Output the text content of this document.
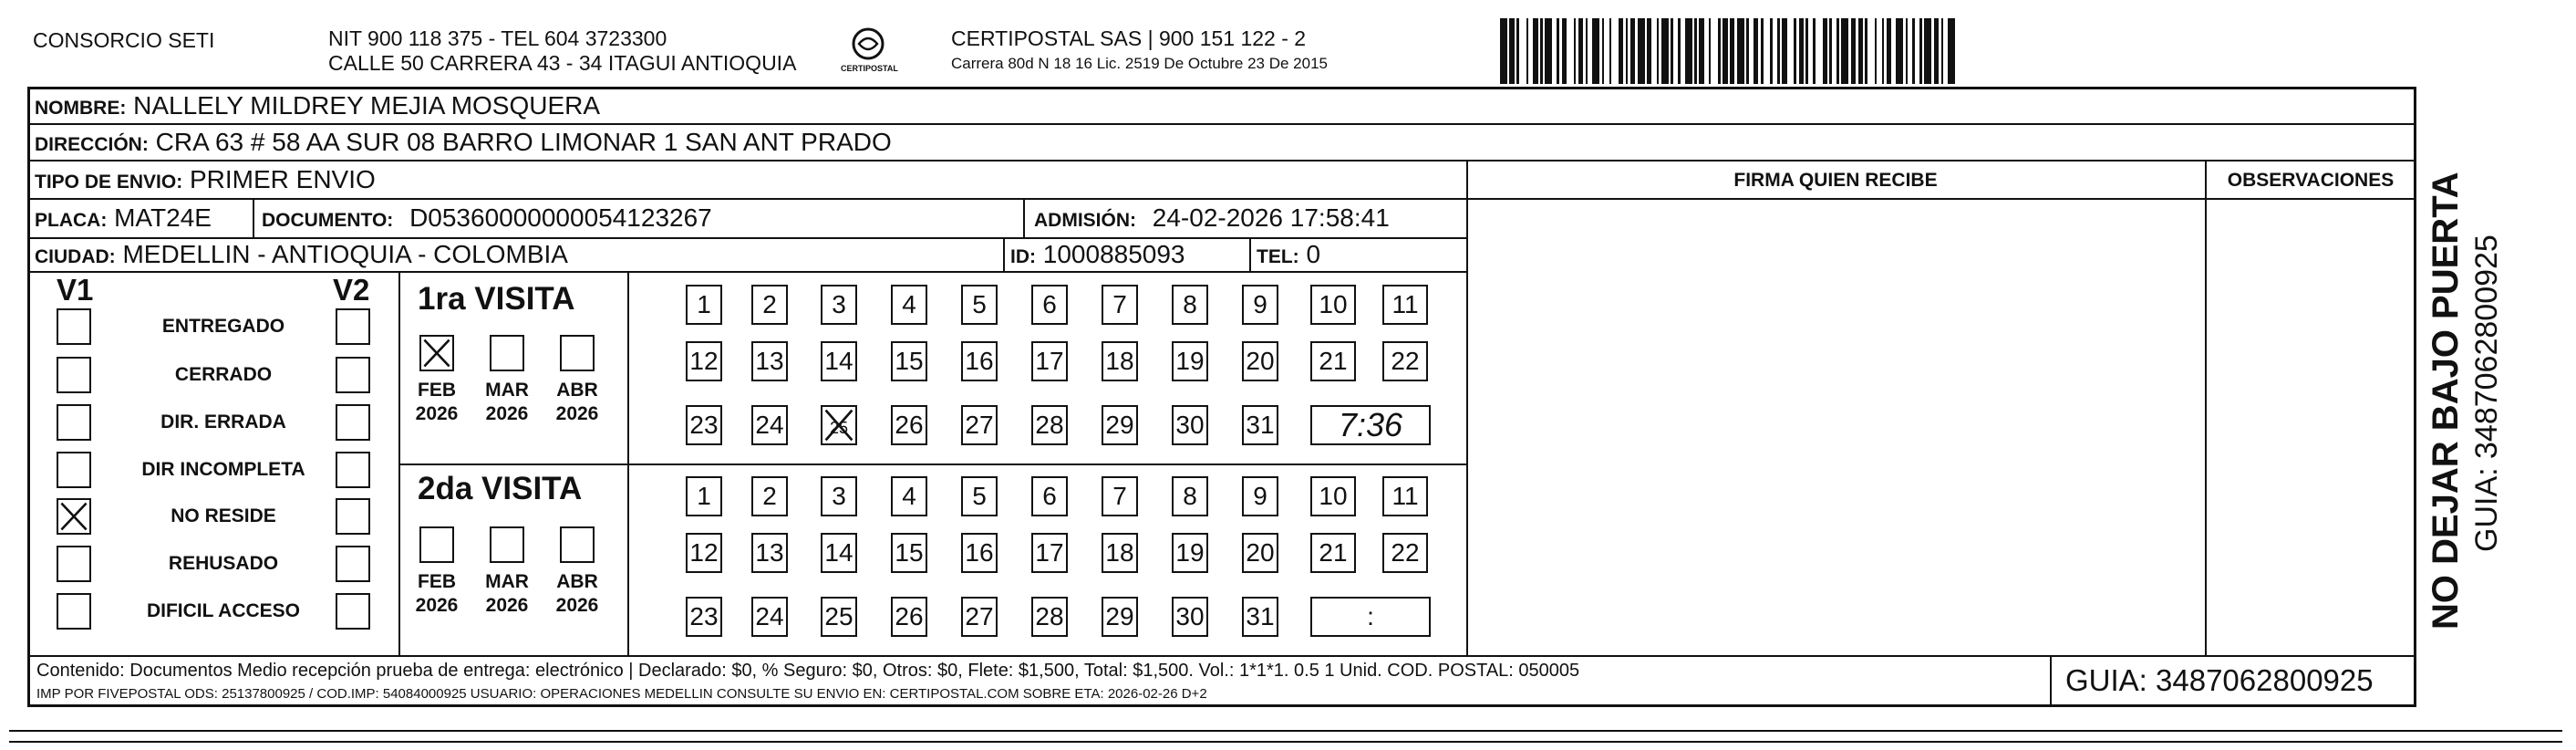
CONSORCIO SETI	NIT 900 118 375 - TEL 604 3723300
CALLE 50 CARRERA 43 - 34 ITAGUI ANTIOQUIA	CERTIPOSTAL
CERTIPOSTAL SAS | 900 151 122 - 2
Carrera 80d N 18 16 Lic. 2519 De Octubre 23 De 2015
NOMBRE: NALLELY MILDREY MEJIA MOSQUERA
DIRECCIÓN: CRA 63 # 58 AA SUR 08 BARRO LIMONAR 1 SAN ANT PRADO
TIPO DE ENVIO: PRIMER ENVIO
PLACA: MAT24E	DOCUMENTO: D05360000000054123267	ADMISIÓN: 24-02-2026 17:58:41
CIUDAD: MEDELLIN - ANTIOQUIA - COLOMBIA	ID: 1000885093	TEL: 0
FIRMA QUIEN RECIBE	OBSERVACIONES
V1	V2
ENTREGADO
CERRADO
DIR. ERRADA
DIR INCOMPLETA
NO RESIDE
REHUSADO
DIFICIL ACCESO
1ra VISITA
FEB
2026
MAR
2026
ABR
2026
1	2	3	4	5	6	7	8	9	10	11
12 13 14 15 16 17 18 19 20	21	22
23 24	25	26 27 28 29 30 31	7:36
2da VISITA
FEB
2026
MAR
2026
ABR
2026
1	2	3	4	5	6	7	8	9	10	11
12 13 14 15 16 17 18 19 20	21	22
23 24 25 26 27 28 29 30 31	:
Contenido: Documentos Medio recepción prueba de entrega: electrónico | Declarado: $0, % Seguro: $0, Otros: $0, Flete: $1,500, Total: $1,500. Vol.: 1*1*1. 0.5 1 Unid. COD. POSTAL: 050005
IMP POR FIVEPOSTAL ODS: 25137800925 / COD.IMP: 54084000925 USUARIO: OPERACIONES MEDELLIN CONSULTE SU ENVIO EN: CERTIPOSTAL.COM SOBRE ETA: 2026-02-26 D+2	GUIA: 3487062800925
NO DEJAR BAJO PUERTA GUIA: 3487062800925
